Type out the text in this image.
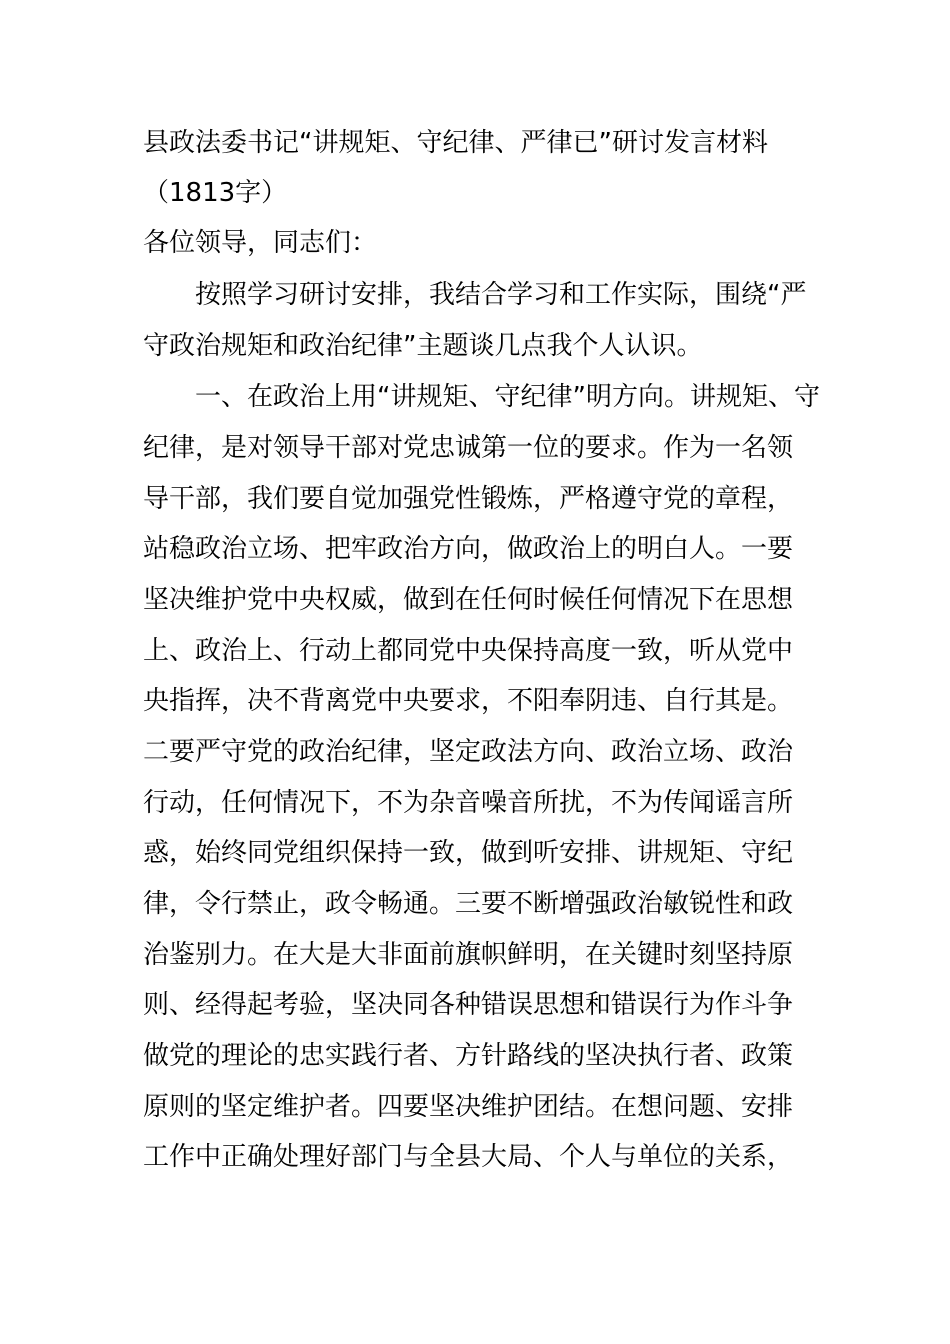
县政法委书记“讲规矩、守纪律、严律已”研讨发言材料

（1813字）

各位领导，同志们：

按照学习研讨安排，我结合学习和工作实际，围绕“严

守政治规矩和政治纪律”主题谈几点我个人认识。

一、在政治上用“讲规矩、守纪律”明方向。讲规矩、守

纪律，是对领导干部对党忠诚第一位的要求。作为一名领

导干部，我们要自觉加强党性锻炼，严格遵守党的章程，

站稳政治立场、把牢政治方向，做政治上的明白人。一要

坚决维护党中央权威，做到在任何时候任何情况下在思想

上、政治上、行动上都同党中央保持高度一致，听从党中

央指挥，决不背离党中央要求，不阳奉阴违、自行其是。

二要严守党的政治纪律，坚定政法方向、政治立场、政治

行动，任何情况下，不为杂音噪音所扰，不为传闻谣言所

惑，始终同党组织保持一致，做到听安排、讲规矩、守纪

律，令行禁止，政令畅通。三要不断增强政治敏锐性和政

治鉴别力。在大是大非面前旗帜鲜明，在关键时刻坚持原

则、经得起考验，坚决同各种错误思想和错误行为作斗争

做党的理论的忠实践行者、方针路线的坚决执行者、政策

原则的坚定维护者。四要坚决维护团结。在想问题、安排

工作中正确处理好部门与全县大局、个人与单位的关系，
